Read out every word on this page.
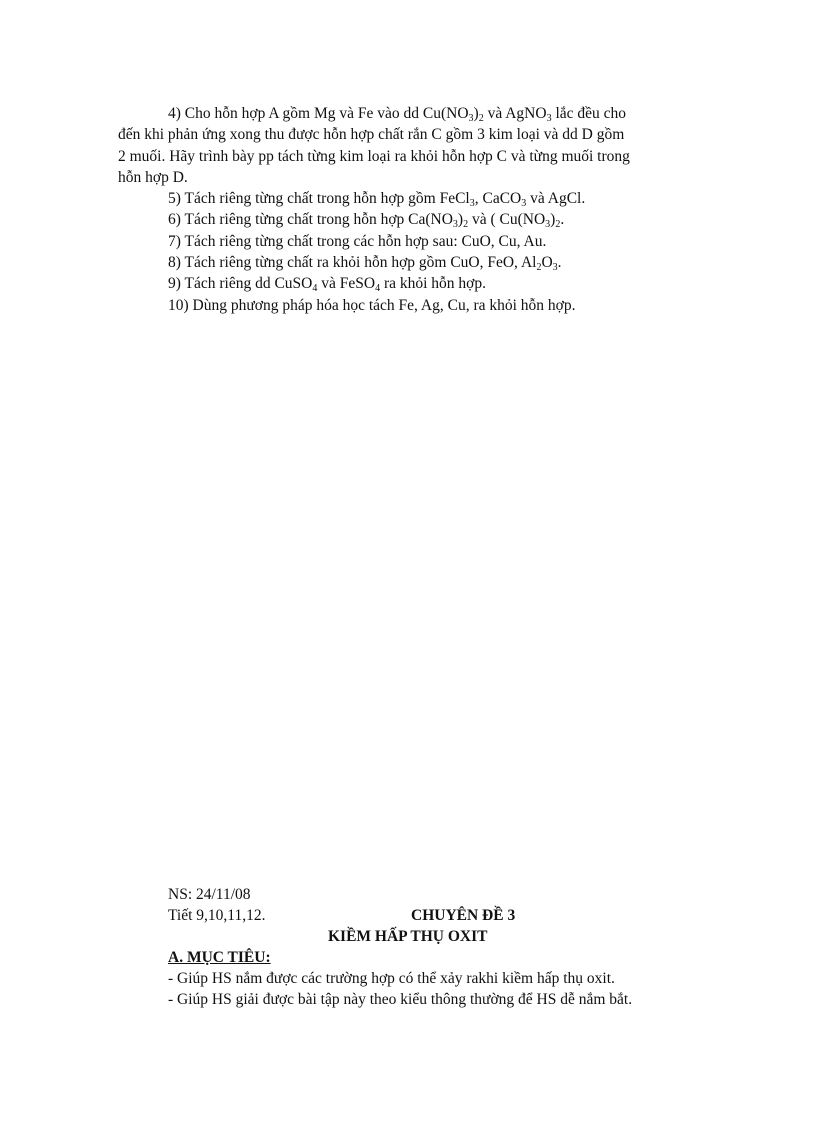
4) Cho hỗn hợp A gồm Mg và Fe vào dd $Cu(NO_3)_2$ và AgNO$_3$ lắc đều cho
đến khi phản ứng xong thu được hỗn hợp chất rắn C gồm 3 kim loại và dd D gồm
2 muối. Hãy trình bày pp tách từng kim loại ra khỏi hỗn hợp C và từng muối trong
hỗn hợp D.
5) Tách riêng từng chất trong hỗn hợp gồm FeCl$_3$, CaCO$_3$ và AgCl.
6) Tách riêng từng chất trong hỗn hợp $Ca(NO_3)_2$ và ( $Cu(NO_3)_2$.
7) Tách riêng từng chất trong các hỗn hợp sau: CuO, Cu, Au.
8) Tách riêng từng chất ra khỏi hỗn hợp gồm CuO, FeO, $Al_2O_3$.
9) Tách riêng dd CuSO$_4$ và FeSO$_4$ ra khỏi hỗn hợp.
10) Dùng phương pháp hóa học tách Fe, Ag, Cu, ra khỏi hỗn hợp.
NS: 24/11/08
Tiết 9,10,11,12.	CHUYÊN ĐỀ 3
KIỀM HẤP THỤ OXIT
A. MỤC TIÊU:
- Giúp HS nắm được các trường hợp có thể xảy rakhi kiềm hấp thụ oxit.
- Giúp HS giải được bài tập này theo kiểu thông thường để HS dễ nắm bắt.
